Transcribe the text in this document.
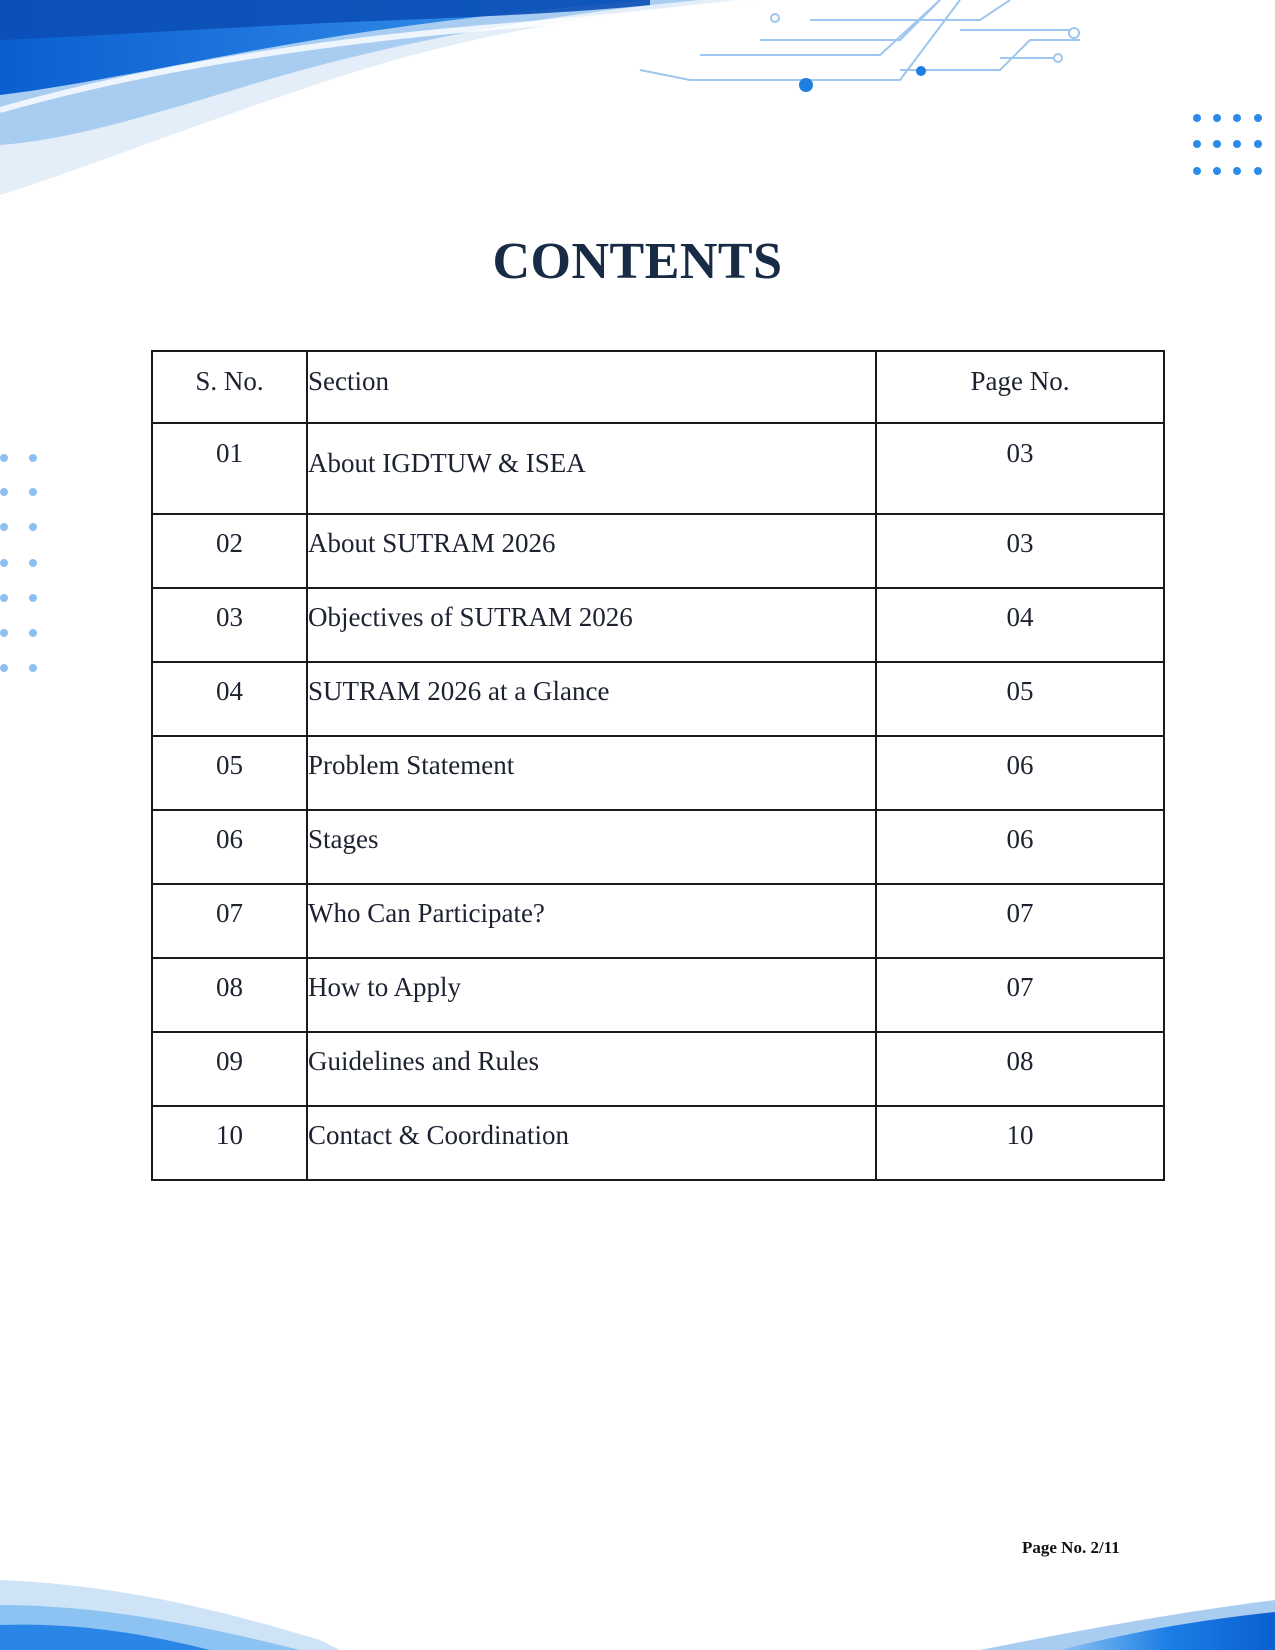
CONTENTS
S. No.	Section	Page No.
01	About IGDTUW & ISEA	03
02	About SUTRAM 2026	03
03	Objectives of SUTRAM 2026	04
04	SUTRAM 2026 at a Glance	05
05	Problem Statement	06
06	Stages	06
07	Who Can Participate?	07
08	How to Apply	07
09	Guidelines and Rules	08
10	Contact & Coordination	10
Page No. 2/11
